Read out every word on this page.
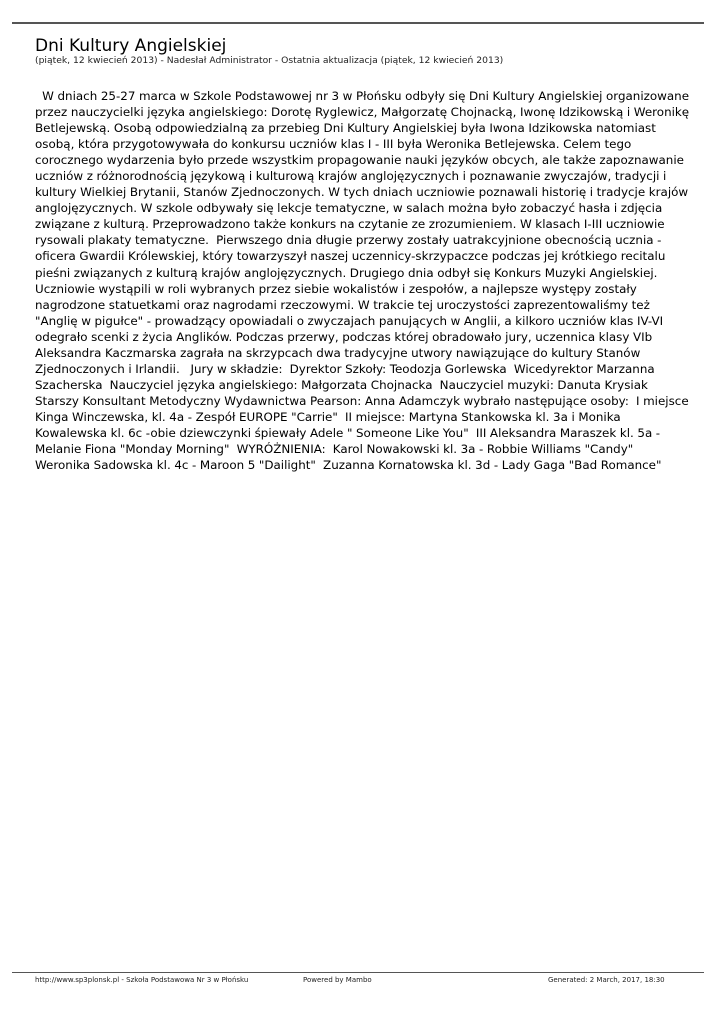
Dni Kultury Angielskiej
(piątek, 12 kwiecień 2013) - Nadesłał Administrator - Ostatnia aktualizacja (piątek, 12 kwiecień 2013)

W dniach 25-27 marca w Szkole Podstawowej nr 3 w Płońsku odbyły się Dni Kultury Angielskiej organizowane przez nauczycielki języka angielskiego: Dorotę Ryglewicz, Małgorzatę Chojnacką, Iwonę Idzikowską i Weronikę Betlejewską. Osobą odpowiedzialną za przebieg Dni Kultury Angielskiej była Iwona Idzikowska natomiast osobą, która przygotowywała do konkursu uczniów klas I - III była Weronika Betlejewska. Celem tego corocznego wydarzenia było przede wszystkim propagowanie nauki języków obcych, ale także zapoznawanie uczniów z różnorodnością językową i kulturową krajów anglojęzycznych i poznawanie zwyczajów, tradycji i kultury Wielkiej Brytanii, Stanów Zjednoczonych. W tych dniach uczniowie poznawali historię i tradycje krajów anglojęzycznych. W szkole odbywały się lekcje tematyczne, w salach można było zobaczyć hasła i zdjęcia związane z kulturą. Przeprowadzono także konkurs na czytanie ze zrozumieniem. W klasach I-III uczniowie rysowali plakaty tematyczne.  Pierwszego dnia długie przerwy zostały uatrakcyjnione obecnością ucznia - oficera Gwardii Królewskiej, który towarzyszył naszej uczennicy-skrzypaczce podczas jej krótkiego recitalu pieśni związanych z kulturą krajów anglojęzycznych. Drugiego dnia odbył się Konkurs Muzyki Angielskiej. Uczniowie wystąpili w roli wybranych przez siebie wokalistów i zespołów, a najlepsze występy zostały nagrodzone statuetkami oraz nagrodami rzeczowymi. W trakcie tej uroczystości zaprezentowaliśmy też "Anglię w pigułce" - prowadzący opowiadali o zwyczajach panujących w Anglii, a kilkoro uczniów klas IV-VI odegrało scenki z życia Anglików. Podczas przerwy, podczas której obradowało jury, uczennica klasy VIb Aleksandra Kaczmarska zagrała na skrzypcach dwa tradycyjne utwory nawiązujące do kultury Stanów Zjednoczonych i Irlandii.   Jury w składzie:  Dyrektor Szkoły: Teodozja Gorlewska  Wicedyrektor Marzanna Szacherska  Nauczyciel języka angielskiego: Małgorzata Chojnacka  Nauczyciel muzyki: Danuta Krysiak  Starszy Konsultant Metodyczny Wydawnictwa Pearson: Anna Adamczyk wybrało następujące osoby:  I miejsce  Kinga Winczewska, kl. 4a - Zespół EUROPE "Carrie"  II miejsce: Martyna Stankowska kl. 3a i Monika Kowalewska kl. 6c -obie dziewczynki śpiewały Adele " Someone Like You"  III Aleksandra Maraszek kl. 5a - Melanie Fiona "Monday Morning"  WYRÓŻNIENIA:  Karol Nowakowski kl. 3a - Robbie Williams "Candy"  Weronika Sadowska kl. 4c - Maroon 5 "Dailight"  Zuzanna Kornatowska kl. 3d - Lady Gaga "Bad Romance"

http://www.sp3plonsk.pl - Szkoła Podstawowa Nr 3 w Płońsku	Powered by Mambo	Generated: 2 March, 2017, 18:30
